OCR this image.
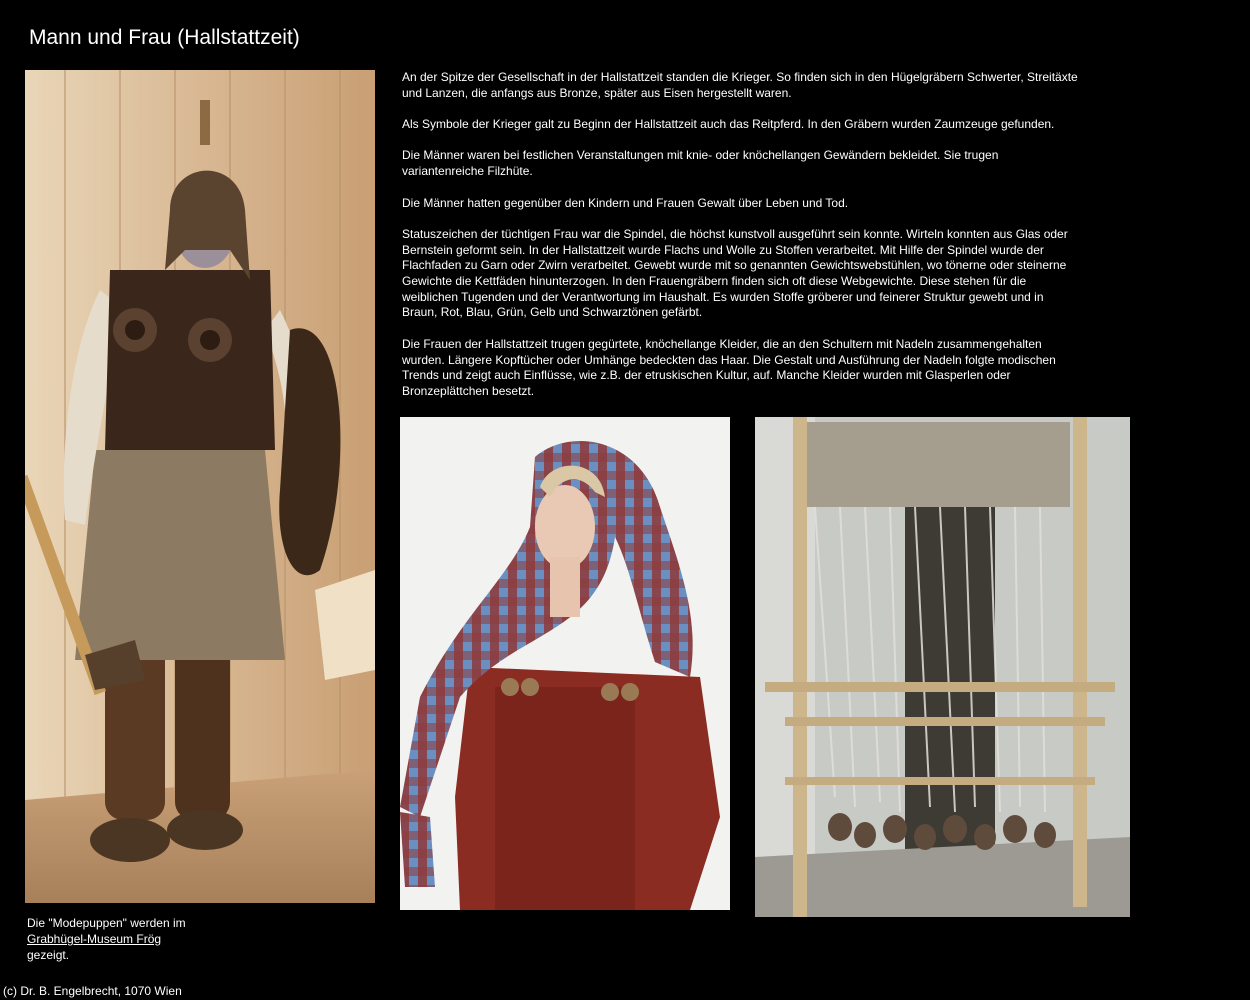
Mann und Frau (Hallstattzeit)

An der Spitze der Gesellschaft in der Hallstattzeit standen die Krieger. So finden sich in den Hügelgräbern Schwerter, Streitäxte und Lanzen, die anfangs aus Bronze, später aus Eisen hergestellt waren.

Als Symbole der Krieger galt zu Beginn der Hallstattzeit auch das Reitpferd. In den Gräbern wurden Zaumzeuge gefunden.

Die Männer waren bei festlichen Veranstaltungen mit knie- oder knöchellangen Gewändern bekleidet. Sie trugen variantenreiche Filzhüte.

Die Männer hatten gegenüber den Kindern und Frauen Gewalt über Leben und Tod.

Statuszeichen der tüchtigen Frau war die Spindel, die höchst kunstvoll ausgeführt sein konnte. Wirteln konnten aus Glas oder Bernstein geformt sein. In der Hallstattzeit wurde Flachs und Wolle zu Stoffen verarbeitet. Mit Hilfe der Spindel wurde der Flachfaden zu Garn oder Zwirn verarbeitet. Gewebt wurde mit so genannten Gewichtswebstühlen, wo tönerne oder steinerne Gewichte die Kettfäden hinunterzogen. In den Frauengräbern finden sich oft diese Webgewichte. Diese stehen für die weiblichen Tugenden und der Verantwortung im Haushalt. Es wurden Stoffe gröberer und feinerer Struktur gewebt und in Braun, Rot, Blau, Grün, Gelb und Schwarztönen gefärbt.

Die Frauen der Hallstattzeit trugen gegürtete, knöchellange Kleider, die an den Schultern mit Nadeln zusammengehalten wurden. Längere Kopftücher oder Umhänge bedeckten das Haar. Die Gestalt und Ausführung der Nadeln folgte modischen Trends und zeigt auch Einflüsse, wie z.B. der etruskischen Kultur, auf. Manche Kleider wurden mit Glasperlen oder Bronzeplättchen besetzt.

Die "Modepuppen" werden im
Grabhügel-Museum Frög
gezeigt.
(c) Dr. B. Engelbrecht, 1070 Wien
